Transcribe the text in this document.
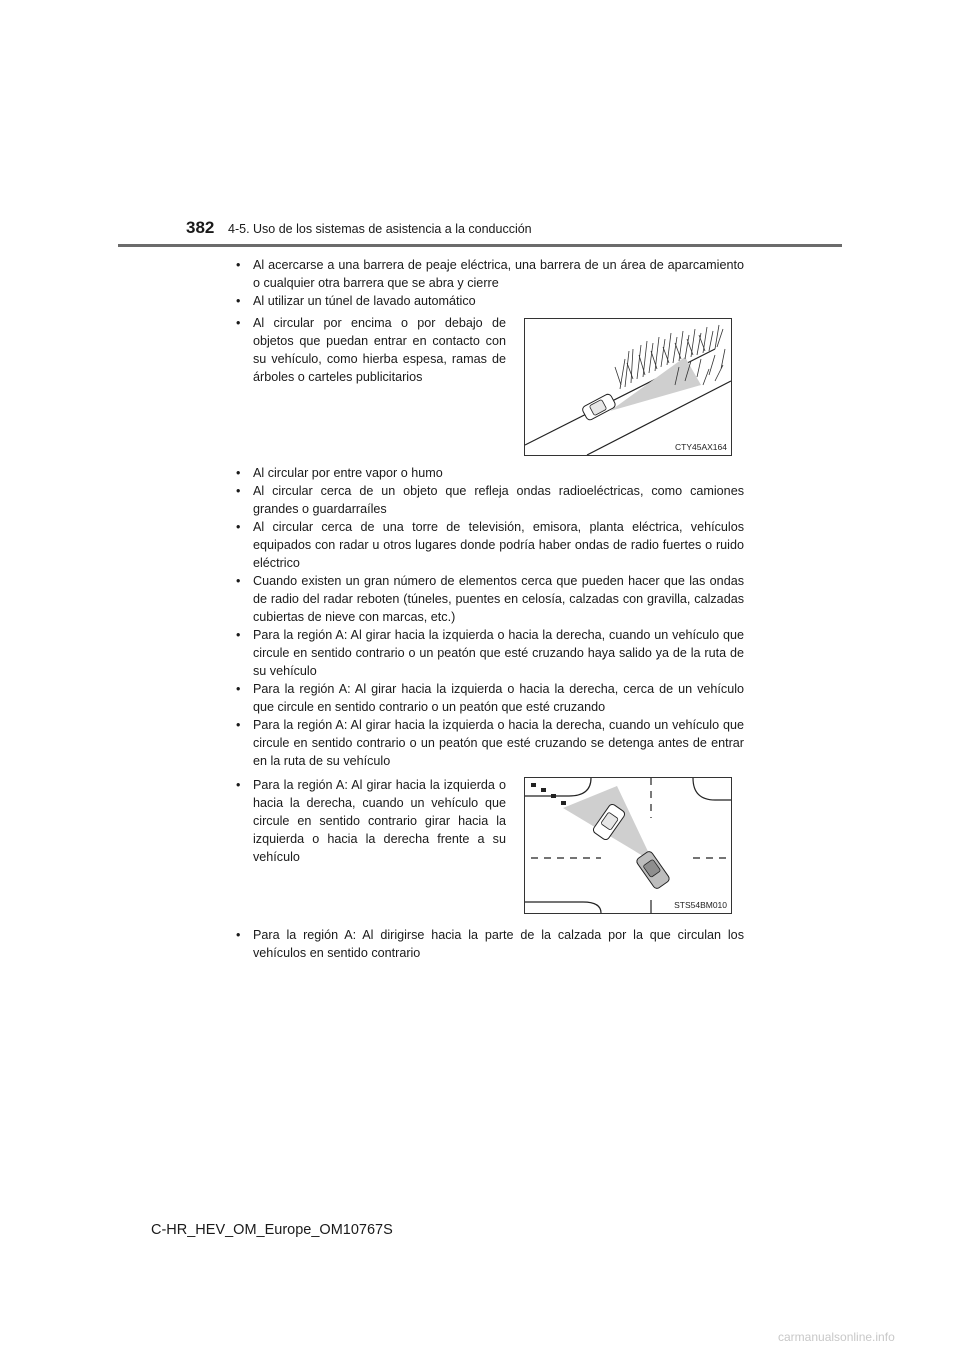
382 4-5. Uso de los sistemas de asistencia a la conducción
• Al acercarse a una barrera de peaje eléctrica, una barrera de un área de aparcamiento o cualquier otra barrera que se abra y cierre
• Al utilizar un túnel de lavado automático
• Al circular por encima o por debajo de objetos que puedan entrar en contacto con su vehículo, como hierba espesa, ramas de árboles o carteles publicitarios
CTY45AX164
• Al circular por entre vapor o humo
• Al circular cerca de un objeto que refleja ondas radioeléctricas, como camiones grandes o guardarraíles
• Al circular cerca de una torre de televisión, emisora, planta eléctrica, vehículos equipados con radar u otros lugares donde podría haber ondas de radio fuertes o ruido eléctrico
• Cuando existen un gran número de elementos cerca que pueden hacer que las ondas de radio del radar reboten (túneles, puentes en celosía, calzadas con gravilla, calzadas cubiertas de nieve con marcas, etc.)
• Para la región A: Al girar hacia la izquierda o hacia la derecha, cuando un vehículo que circule en sentido contrario o un peatón que esté cruzando haya salido ya de la ruta de su vehículo
• Para la región A: Al girar hacia la izquierda o hacia la derecha, cerca de un vehículo que circule en sentido contrario o un peatón que esté cruzando
• Para la región A: Al girar hacia la izquierda o hacia la derecha, cuando un vehículo que circule en sentido contrario o un peatón que esté cruzando se detenga antes de entrar en la ruta de su vehículo
• Para la región A: Al girar hacia la izquierda o hacia la derecha, cuando un vehículo que circule en sentido contrario girar hacia la izquierda o hacia la derecha frente a su vehículo
STS54BM010
• Para la región A: Al dirigirse hacia la parte de la calzada por la que circulan los vehículos en sentido contrario
C-HR_HEV_OM_Europe_OM10767S
carmanualsonline.info
